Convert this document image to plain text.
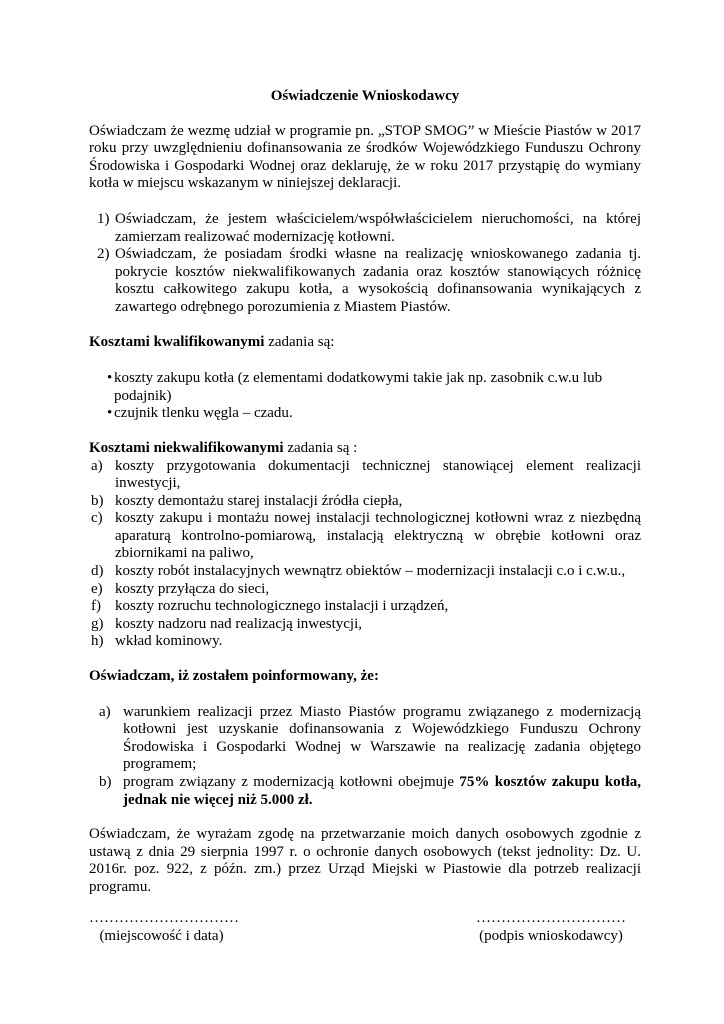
Oświadczenie Wnioskodawcy

Oświadczam że wezmę udział w programie pn. „STOP SMOG” w Mieście Piastów w 2017 roku przy uwzględnieniu dofinansowania ze środków Wojewódzkiego Funduszu Ochrony Środowiska i Gospodarki Wodnej oraz deklaruję, że w roku 2017 przystąpię do wymiany kotła w miejscu wskazanym w niniejszej deklaracji.

1) Oświadczam, że jestem właścicielem/współwłaścicielem nieruchomości, na której zamierzam realizować modernizację kotłowni.
2) Oświadczam, że posiadam środki własne na realizację wnioskowanego zadania tj. pokrycie kosztów niekwalifikowanych zadania oraz kosztów stanowiących różnicę kosztu całkowitego zakupu kotła, a wysokością dofinansowania wynikających z zawartego odrębnego porozumienia z Miastem Piastów.

Kosztami kwalifikowanymi zadania są:

• koszty zakupu kotła (z elementami dodatkowymi takie jak np. zasobnik c.w.u lub podajnik)
• czujnik tlenku węgla – czadu.

Kosztami niekwalifikowanymi zadania są :

a) koszty przygotowania dokumentacji technicznej stanowiącej element realizacji inwestycji,
b) koszty demontażu starej instalacji źródła ciepła,
c) koszty zakupu i montażu nowej instalacji technologicznej kotłowni wraz z niezbędną aparaturą kontrolno-pomiarową, instalacją elektryczną w obrębie kotłowni oraz zbiornikami na paliwo,
d) koszty robót instalacyjnych wewnątrz obiektów – modernizacji instalacji c.o i c.w.u.,
e) koszty przyłącza do sieci,
f) koszty rozruchu technologicznego instalacji i urządzeń,
g) koszty nadzoru nad realizacją inwestycji,
h) wkład kominowy.

Oświadczam, iż zostałem poinformowany, że:

a) warunkiem realizacji przez Miasto Piastów programu związanego z modernizacją kotłowni jest uzyskanie dofinansowania z Wojewódzkiego Funduszu Ochrony Środowiska i Gospodarki Wodnej w Warszawie na realizację zadania objętego programem;
b) program związany z modernizacją kotłowni obejmuje 75% kosztów zakupu kotła, jednak nie więcej niż 5.000 zł.

Oświadczam, że wyrażam zgodę na przetwarzanie moich danych osobowych zgodnie z ustawą z dnia 29 sierpnia 1997 r. o ochronie danych osobowych (tekst jednolity: Dz. U. 2016r. poz. 922, z późn. zm.) przez Urząd Miejski w Piastowie dla potrzeb realizacji programu.

…………………………
(miejscowość i data)
…………………………
(podpis wnioskodawcy)
